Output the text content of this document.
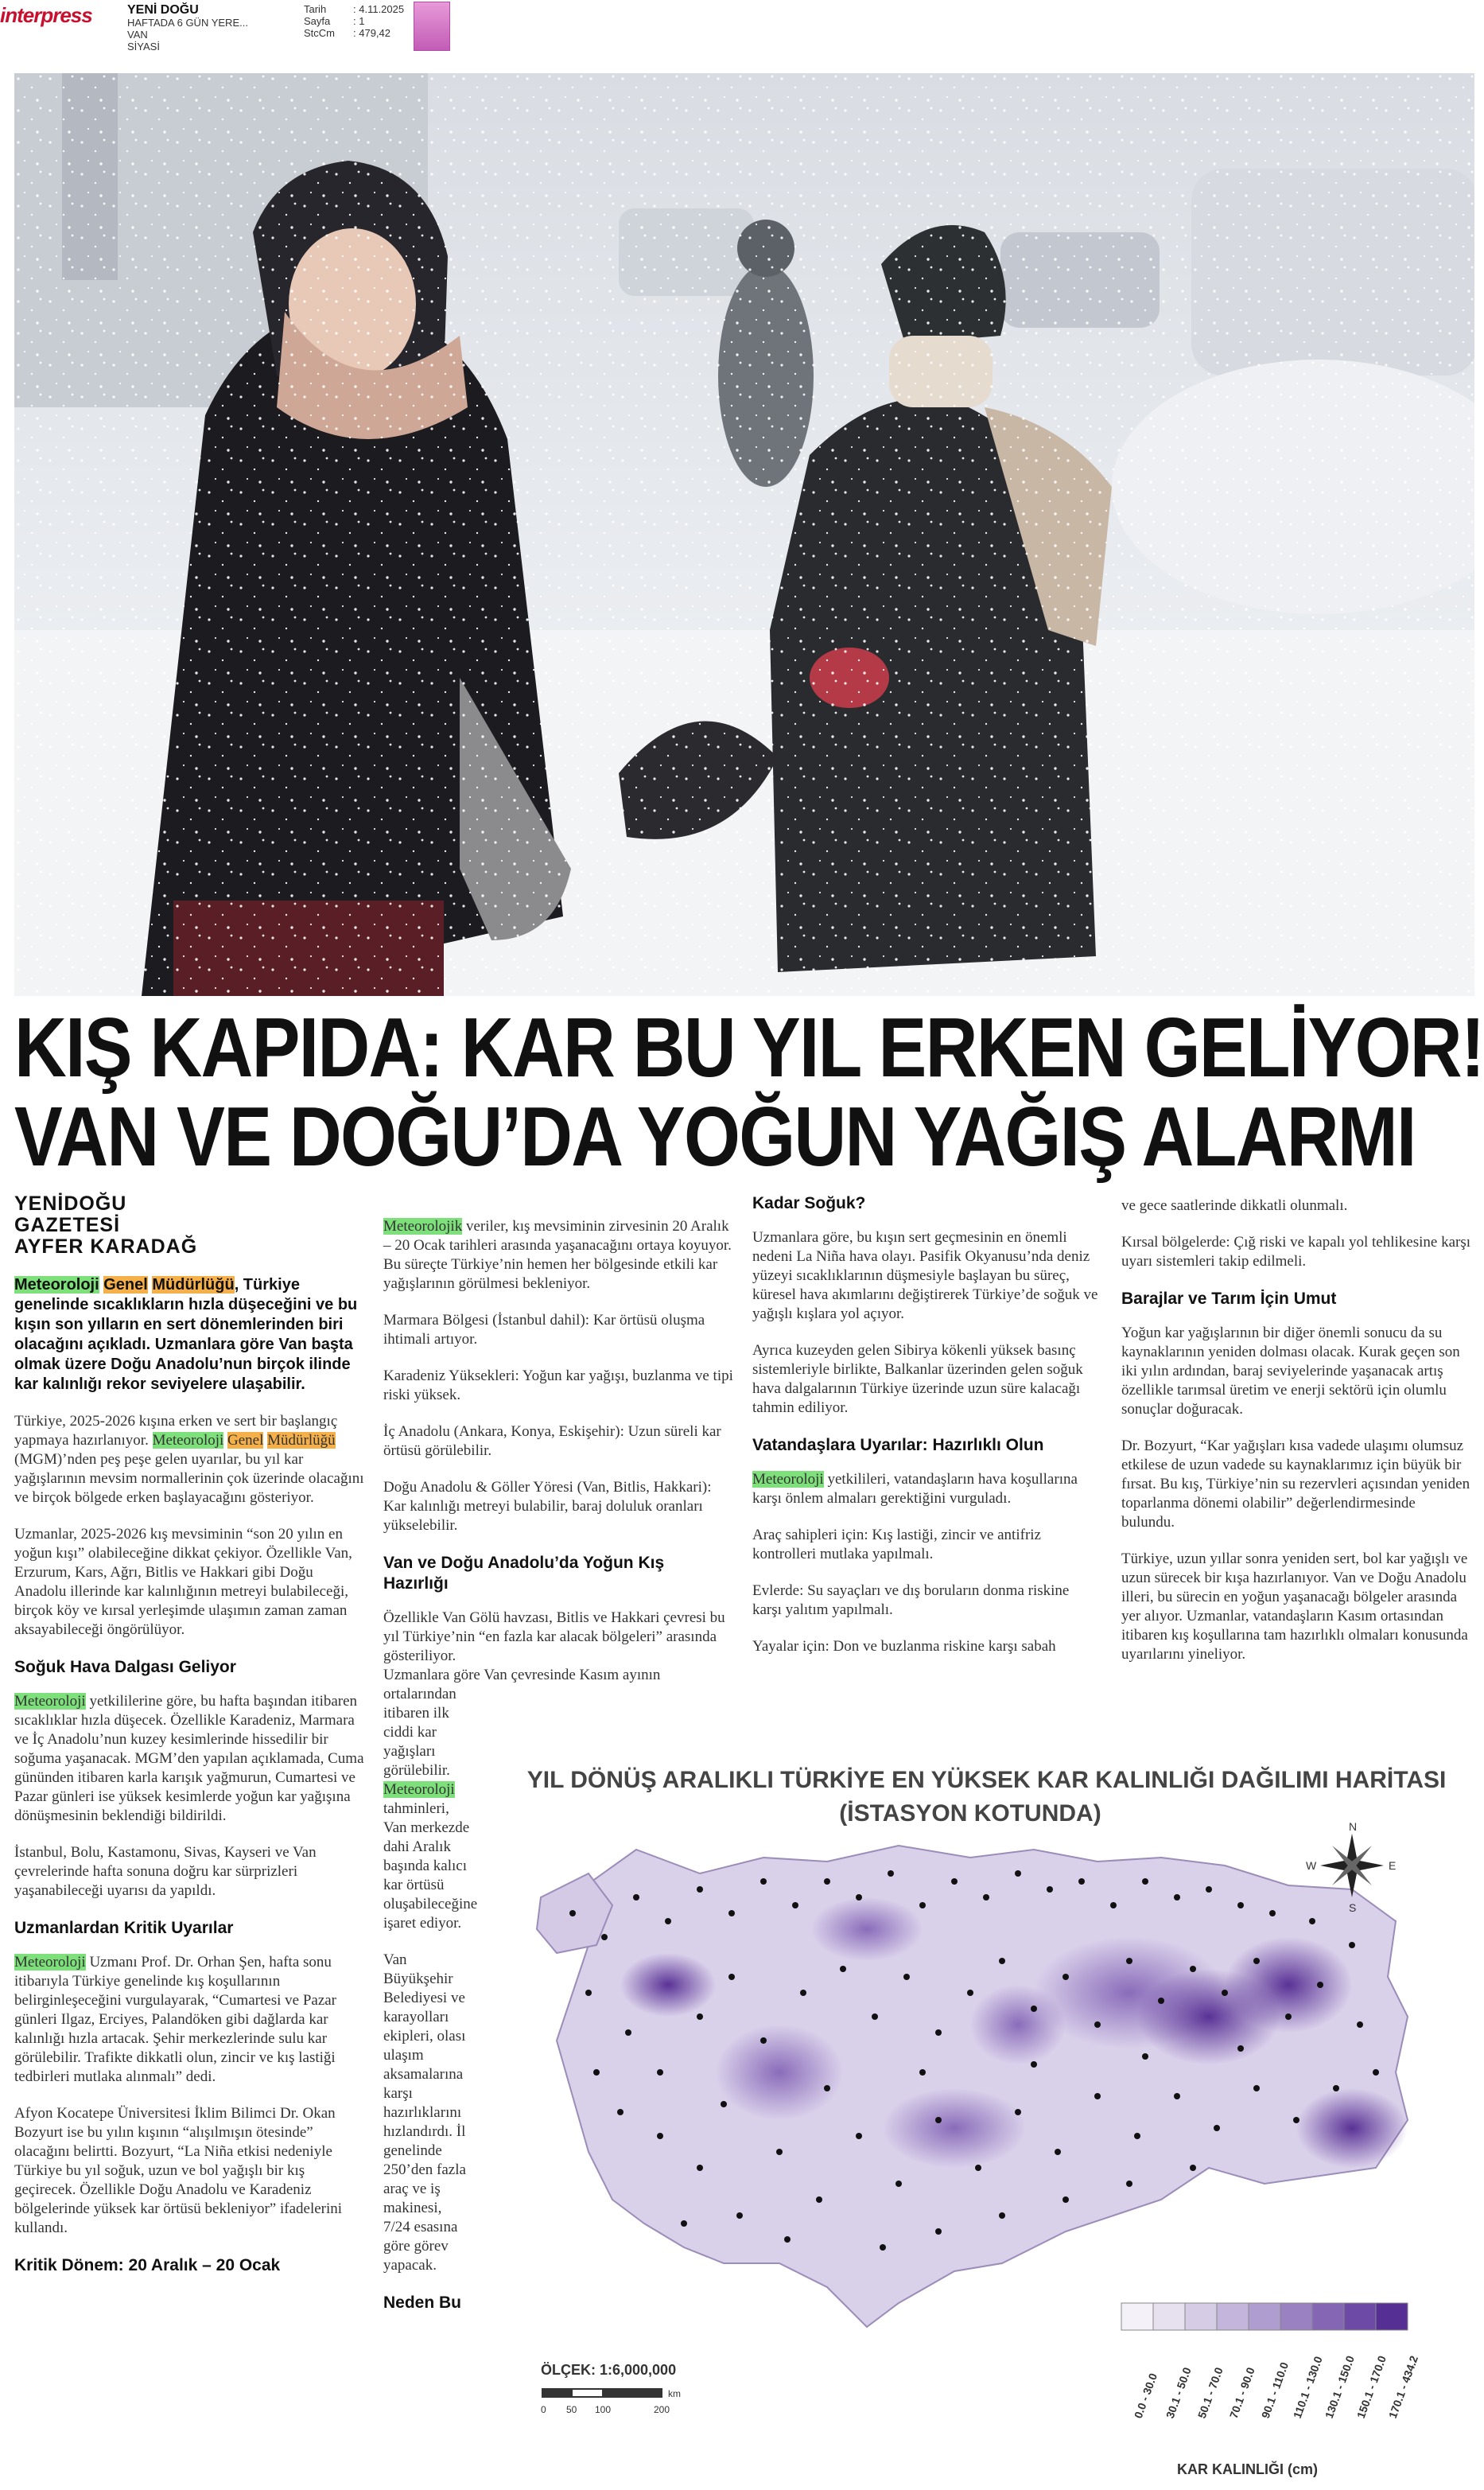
interpress	YENİ DOĞU
HAFTADA 6 GÜN YERE...
VAN
SİYASİ
Tarih	: 4.11.2025
Sayfa : 1
StcCm : 479,42
KIŞ KAPIDA: KAR BU YIL ERKEN GELİYOR!
VAN VE DOĞU’DA YOĞUN YAĞIŞ ALARMI
YENİDOĞU
GAZETESİ
AYFER KARADAĞ

Meteoroloji Genel Müdürlüğü, Türkiye genelinde sıcaklıkların hızla düşeceğini ve bu kışın son yılların en sert dönemlerinden biri olacağını açıkladı. Uzmanlara göre Van başta olmak üzere Doğu Anadolu’nun birçok ilinde kar kalınlığı rekor seviyelere ulaşabilir.

Türkiye, 2025-2026 kışına erken ve sert bir başlangıç yapmaya hazırlanıyor. Meteoroloji Genel Müdürlüğü (MGM)’nden peş peşe gelen uyarılar, bu yıl kar yağışlarının mevsim normallerinin çok üzerinde olacağını ve birçok bölgede erken başlayacağını gösteriyor.

Uzmanlar, 2025-2026 kış mevsiminin “son 20 yılın en yoğun kışı” olabileceğine dikkat çekiyor. Özellikle Van, Erzurum, Kars, Ağrı, Bitlis ve Hakkari gibi Doğu Anadolu illerinde kar kalınlığının metreyi bulabileceği, birçok köy ve kırsal yerleşimde ulaşımın zaman zaman aksayabileceği öngörülüyor.

Soğuk Hava Dalgası Geliyor

Meteoroloji yetkililerine göre, bu hafta başından itibaren sıcaklıklar hızla düşecek. Özellikle Karadeniz, Marmara ve İç Anadolu’nun kuzey kesimlerinde hissedilir bir soğuma yaşanacak. MGM’den yapılan açıklamada, Cuma gününden itibaren karla karışık yağmurun, Cumartesi ve Pazar günleri ise yüksek kesimlerde yoğun kar yağışına dönüşmesinin beklendiği bildirildi.

İstanbul, Bolu, Kastamonu, Sivas, Kayseri ve Van çevrelerinde hafta sonuna doğru kar sürprizleri yaşanabileceği uyarısı da yapıldı.

Uzmanlardan Kritik Uyarılar

Meteoroloji Uzmanı Prof. Dr. Orhan Şen, hafta sonu itibarıyla Türkiye genelinde kış koşullarının belirginleşeceğini vurgulayarak, “Cumartesi ve Pazar günleri Ilgaz, Erciyes, Palandöken gibi dağlarda kar kalınlığı hızla artacak. Şehir merkezlerinde sulu kar görülebilir. Trafikte dikkatli olun, zincir ve kış lastiği tedbirleri mutlaka alınmalı” dedi.

Afyon Kocatepe Üniversitesi İklim Bilimci Dr. Okan Bozyurt ise bu yılın kışının “alışılmışın ötesinde” olacağını belirtti. Bozyurt, “La Niña etkisi nedeniyle Türkiye bu yıl soğuk, uzun ve bol yağışlı bir kış geçirecek. Özellikle Doğu Anadolu ve Karadeniz bölgelerinde yüksek kar örtüsü bekleniyor” ifadelerini kullandı.

Kritik Dönem: 20 Aralık – 20 Ocak

Meteorolojik veriler, kış mevsiminin zirvesinin 20 Aralık – 20 Ocak tarihleri arasında yaşanacağını ortaya koyuyor. Bu süreçte Türkiye’nin hemen her bölgesinde etkili kar yağışlarının görülmesi bekleniyor.

Marmara Bölgesi (İstanbul dahil): Kar örtüsü oluşma ihtimali artıyor.

Karadeniz Yüksekleri: Yoğun kar yağışı, buzlanma ve tipi riski yüksek.

İç Anadolu (Ankara, Konya, Eskişehir): Uzun süreli kar örtüsü görülebilir.

Doğu Anadolu & Göller Yöresi (Van, Bitlis, Hakkari): Kar kalınlığı metreyi bulabilir, baraj doluluk oranları yükselebilir.

Van ve Doğu Anadolu’da Yoğun Kış Hazırlığı

Özellikle Van Gölü havzası, Bitlis ve Hakkari çevresi bu yıl Türkiye’nin “en fazla kar alacak bölgeleri” arasında gösteriliyor.

Uzmanlara göre Van çevresinde Kasım ayının

ortalarından itibaren ilk ciddi kar yağışları görülebilir.

Meteoroloji tahminleri, Van merkezde dahi Aralık başında kalıcı kar örtüsü oluşabileceğine işaret ediyor.

Van Büyükşehir Belediyesi ve karayolları ekipleri, olası ulaşım aksamalarına karşı hazırlıklarını hızlandırdı. İl genelinde 250’den fazla araç ve iş makinesi, 7/24 esasına göre görev yapacak.

Neden Bu
Kadar Soğuk?

Uzmanlara göre, bu kışın sert geçmesinin en önemli nedeni La Niña hava olayı. Pasifik Okyanusu’nda deniz yüzeyi sıcaklıklarının düşmesiyle başlayan bu süreç, küresel hava akımlarını değiştirerek Türkiye’de soğuk ve yağışlı kışlara yol açıyor.

Ayrıca kuzeyden gelen Sibirya kökenli yüksek basınç sistemleriyle birlikte, Balkanlar üzerinden gelen soğuk hava dalgalarının Türkiye üzerinde uzun süre kalacağı tahmin ediliyor.

Vatandaşlara Uyarılar: Hazırlıklı Olun

Meteoroloji yetkilileri, vatandaşların hava koşullarına karşı önlem almaları gerektiğini vurguladı.

Araç sahipleri için: Kış lastiği, zincir ve antifriz kontrolleri mutlaka yapılmalı.

Evlerde: Su sayaçları ve dış boruların donma riskine karşı yalıtım yapılmalı.

Yayalar için: Don ve buzlanma riskine karşı sabah

ve gece saatlerinde dikkatli olunmalı.

Kırsal bölgelerde: Çığ riski ve kapalı yol tehlikesine karşı uyarı sistemleri takip edilmeli.

Barajlar ve Tarım İçin Umut

Yoğun kar yağışlarının bir diğer önemli sonucu da su kaynaklarının yeniden dolması olacak. Kurak geçen son iki yılın ardından, baraj seviyelerinde yaşanacak artış özellikle tarımsal üretim ve enerji sektörü için olumlu sonuçlar doğuracak.

Dr. Bozyurt, “Kar yağışları kısa vadede ulaşımı olumsuz etkilese de uzun vadede su kaynaklarımız için büyük bir fırsat. Bu kış, Türkiye’nin su rezervleri açısından yeniden toparlanma dönemi olabilir” değerlendirmesinde bulundu.

Türkiye, uzun yıllar sonra yeniden sert, bol kar yağışlı ve uzun sürecek bir kışa hazırlanıyor. Van ve Doğu Anadolu illeri, bu sürecin en yoğun yaşanacağı bölgeler arasında yer alıyor. Uzmanlar, vatandaşların Kasım ortasından itibaren kış koşullarına tam hazırlıklı olmaları konusunda uyarılarını yineliyor.

50 YIL DÖNÜŞ ARALIKLI TÜRKİYE EN YÜKSEK KAR KALINLIĞI DAĞILIMI HARİTASI
(İSTASYON KOTUNDA)	N
E
S
W
ÖLÇEK: 1:6,000,000
0 50 100	200
km	0.0 - 30.0 30.1 - 50.0 50.1 - 70.0 70.1 - 90.0 90.1 - 110.0 110.1 - 130.0
130.1 - 150.0
150.1 - 170.0
170.1 - 434.2
KAR KALINLIĞI (cm)
